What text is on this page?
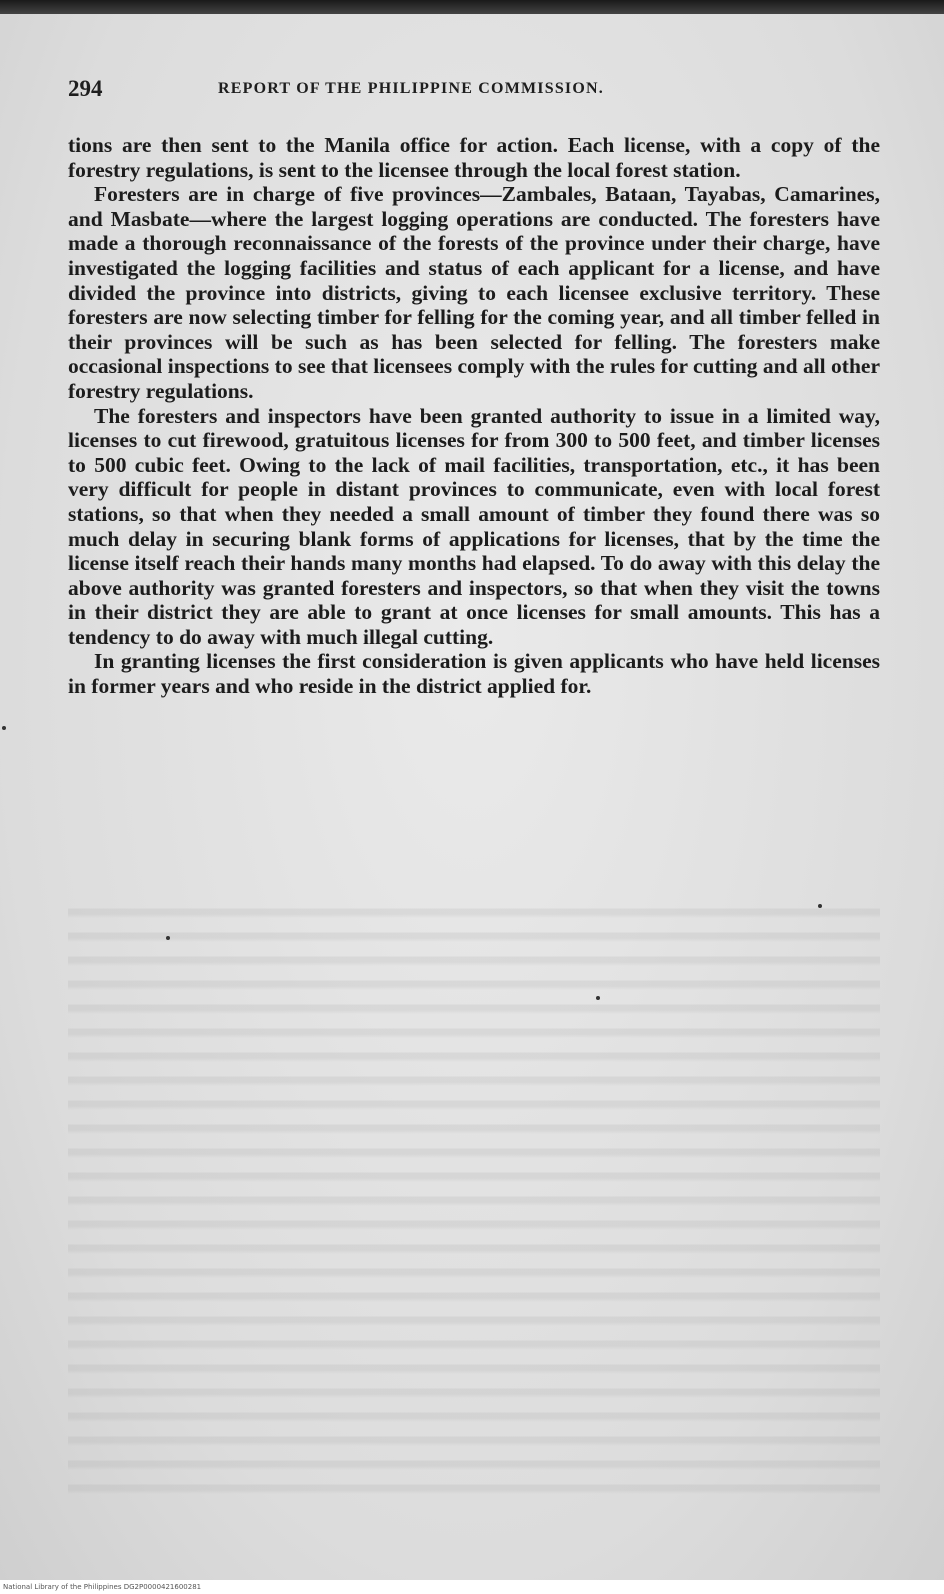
294	REPORT OF THE PHILIPPINE COMMISSION.

tions are then sent to the Manila office for action. Each license, with a copy of the forestry regulations, is sent to the licensee through the local forest station.

Foresters are in charge of five provinces—Zambales, Bataan, Tayabas, Camarines, and Masbate—where the largest logging operations are conducted. The foresters have made a thorough reconnaissance of the forests of the province under their charge, have investigated the logging facilities and status of each applicant for a license, and have divided the province into districts, giving to each licensee exclusive territory. These foresters are now selecting timber for felling for the coming year, and all timber felled in their provinces will be such as has been selected for felling. The foresters make occasional inspections to see that licensees comply with the rules for cutting and all other forestry regulations.

The foresters and inspectors have been granted authority to issue in a limited way, licenses to cut firewood, gratuitous licenses for from 300 to 500 feet, and timber licenses to 500 cubic feet. Owing to the lack of mail facilities, transportation, etc., it has been very difficult for people in distant provinces to communicate, even with local forest stations, so that when they needed a small amount of timber they found there was so much delay in securing blank forms of applications for licenses, that by the time the license itself reach their hands many months had elapsed. To do away with this delay the above authority was granted foresters and inspectors, so that when they visit the towns in their district they are able to grant at once licenses for small amounts. This has a tendency to do away with much illegal cutting.

In granting licenses the first consideration is given applicants who have held licenses in former years and who reside in the district applied for.

National Library of the Philippines DG2P0000421600281
